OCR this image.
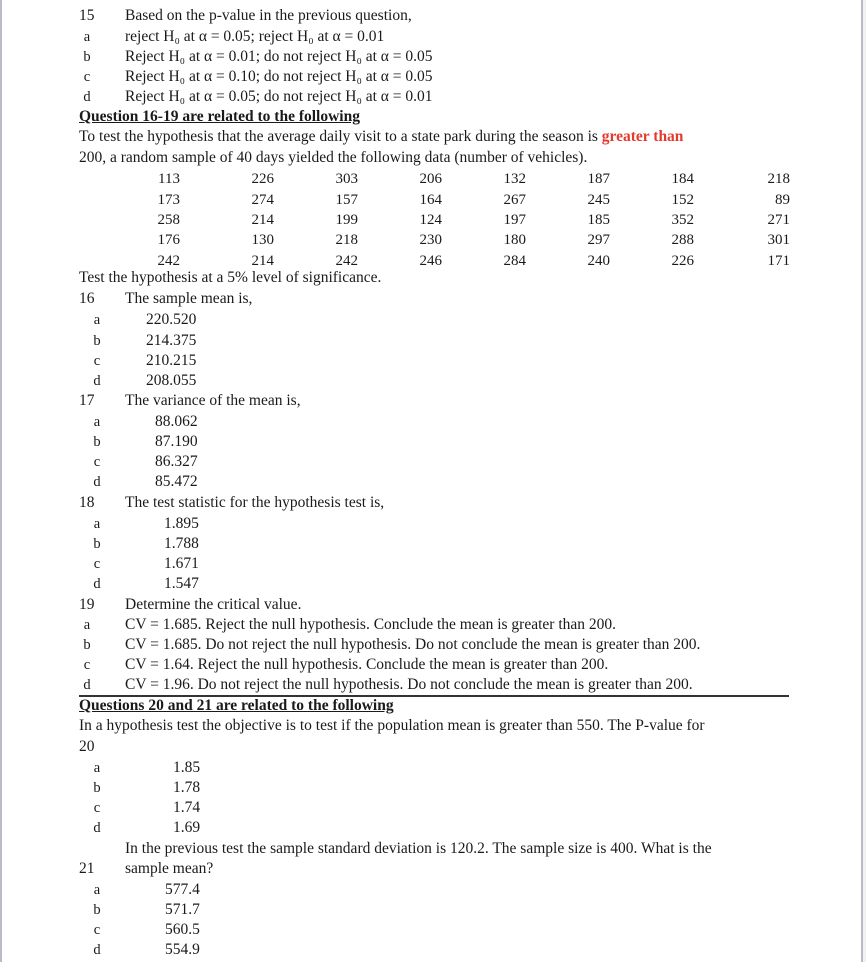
15 Based on the p-value in the previous question,
a	reject H₀ at α = 0.05; reject H₀ at α = 0.01
b	Reject H₀ at α = 0.01; do not reject H₀ at α = 0.05
c	Reject H₀ at α = 0.10; do not reject H₀ at α = 0.05
d	Reject H₀ at α = 0.05; do not reject H₀ at α = 0.01
Question 16-19 are related to the following
To test the hypothesis that the average daily visit to a state park during the season is greater than
200, a random sample of 40 days yielded the following data (number of vehicles).
113	226	303	206	132	187	184	218
173	274	157	164	267	245	152	89
258	214	199	124	197	185	352	271
176	130	218	230	180	297	288	301
242	214	242	246	284	240	226	171
Test the hypothesis at a 5% level of significance.
16 The sample mean is,
a	220.520
b	214.375
c	210.215
d	208.055
17 The variance of the mean is,
a	88.062
b	87.190
c	86.327
d	85.472
18 The test statistic for the hypothesis test is,
a	1.895
b	1.788
c	1.671
d	1.547
19 Determine the critical value.
a	CV = 1.685. Reject the null hypothesis. Conclude the mean is greater than 200.
b	CV = 1.685. Do not reject the null hypothesis. Do not conclude the mean is greater than 200.
c	CV = 1.64. Reject the null hypothesis. Conclude the mean is greater than 200.
d	CV = 1.96. Do not reject the null hypothesis. Do not conclude the mean is greater than 200.
Questions 20 and 21 are related to the following
In a hypothesis test the objective is to test if the population mean is greater than 550. The P-value for
20
a	1.85
b	1.78
c	1.74
d	1.69
In the previous test the sample standard deviation is 120.2. The sample size is 400. What is the
21 sample mean?
a	577.4
b	571.7
c	560.5
d	554.9
